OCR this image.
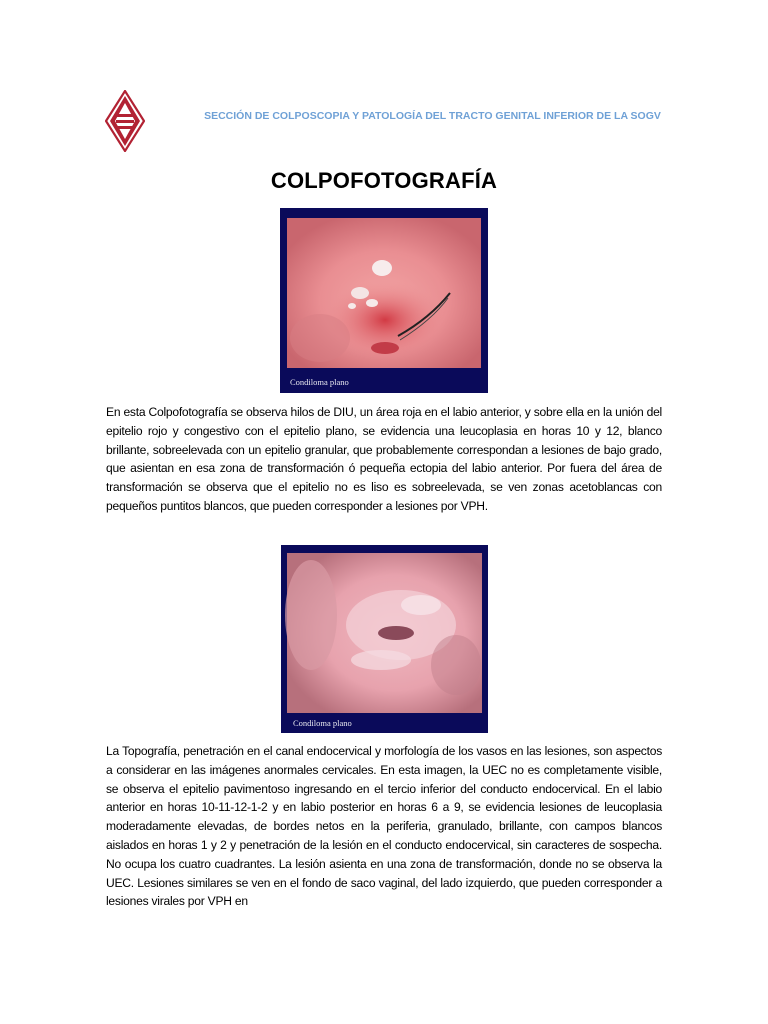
SECCIÓN DE COLPOSCOPIA Y PATOLOGÍA DEL TRACTO GENITAL INFERIOR DE LA SOGV
COLPOFOTOGRAFÍA
Condiloma plano
En esta Colpofotografía se observa hilos de DIU, un área roja en el labio anterior, y sobre ella en la unión del epitelio rojo y congestivo con el epitelio plano, se evidencia una leucoplasia en horas 10 y 12, blanco brillante, sobreelevada con un epitelio granular, que probablemente correspondan a lesiones de bajo grado, que asientan en esa zona de transformación ó pequeña ectopia del labio anterior. Por fuera del área de transformación se observa que el epitelio no es liso es sobreelevada, se ven zonas acetoblancas con pequeños puntitos blancos, que pueden corresponder a lesiones por VPH.
Condiloma plano
La Topografía, penetración en el canal endocervical y morfología de los vasos en las lesiones, son aspectos a considerar en las imágenes anormales cervicales. En esta imagen, la UEC no es completamente visible, se observa el epitelio pavimentoso ingresando en el tercio inferior del conducto endocervical. En el labio anterior en horas 10-11-12-1-2 y en labio posterior en horas 6 a 9, se evidencia lesiones de leucoplasia moderadamente elevadas, de bordes netos en la periferia, granulado, brillante, con campos blancos aislados en horas 1 y 2 y penetración de la lesión en el conducto endocervical, sin caracteres de sospecha. No ocupa los cuatro cuadrantes. La lesión asienta en una zona de transformación, donde no se observa la UEC. Lesiones similares se ven en el fondo de saco vaginal, del lado izquierdo, que pueden corresponder a lesiones virales por VPH en
